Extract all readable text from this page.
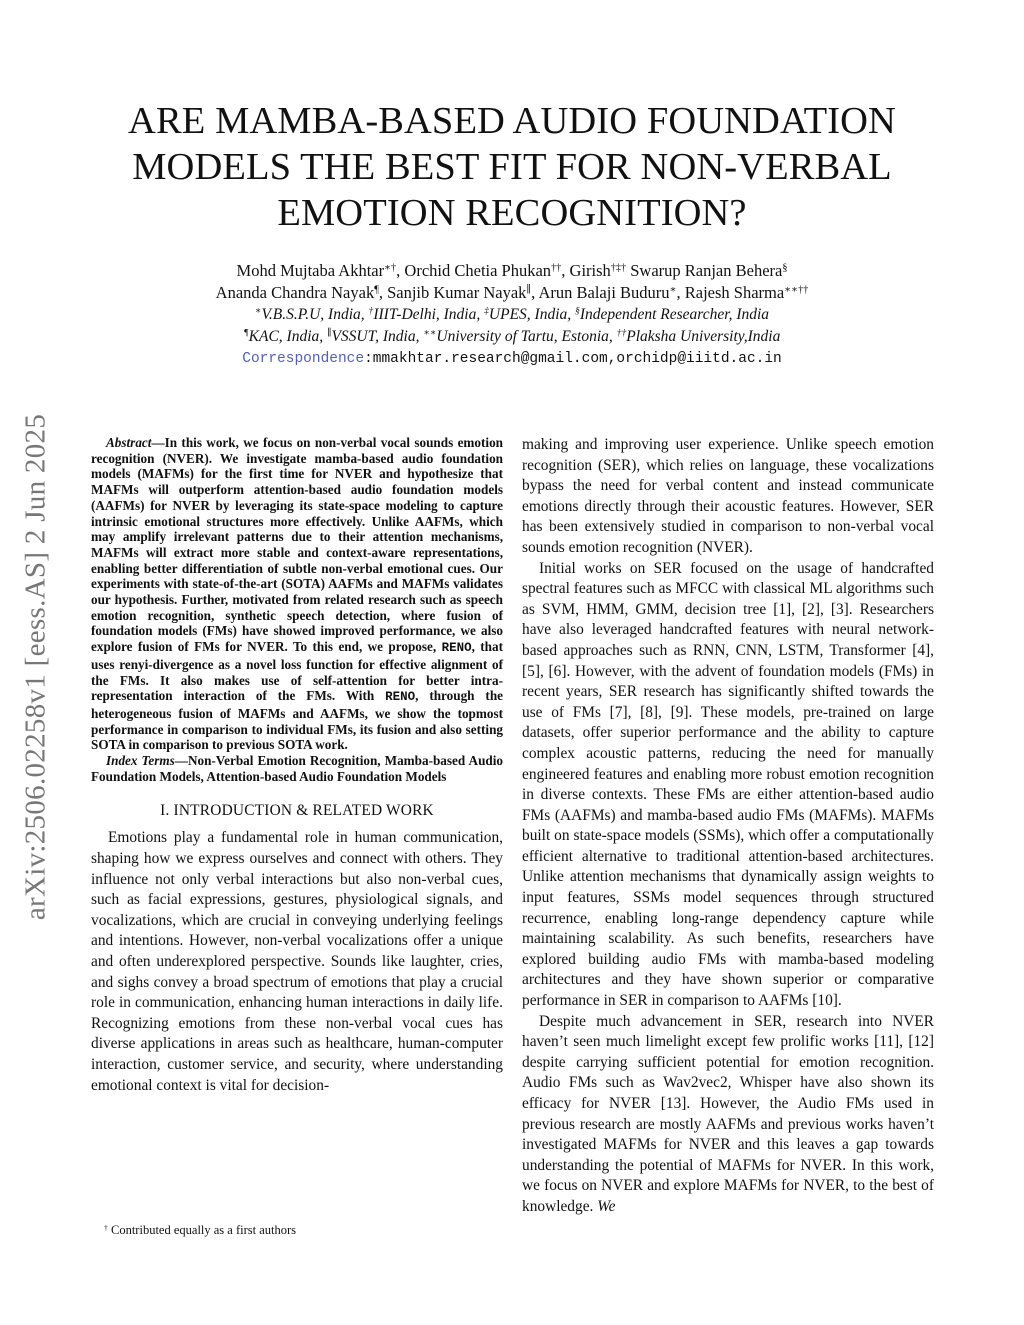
arXiv:2506.02258v1 [eess.AS] 2 Jun 2025
ARE MAMBA-BASED AUDIO FOUNDATION
MODELS THE BEST FIT FOR NON-VERBAL
EMOTION RECOGNITION?
Mohd Mujtaba Akhtar∗†, Orchid Chetia Phukan††, Girish†‡† Swarup Ranjan Behera§
Ananda Chandra Nayak¶, Sanjib Kumar Nayak∥, Arun Balaji Buduru∗, Rajesh Sharma∗∗††
∗V.B.S.P.U, India, †IIIT-Delhi, India, ‡UPES, India, §Independent Researcher, India
¶KAC, India, ∥VSSUT, India, ∗∗University of Tartu, Estonia, ††Plaksha University,India
Correspondence:mmakhtar.research@gmail.com,orchidp@iiitd.ac.in

Abstract—In this work, we focus on non-verbal vocal sounds emotion recognition (NVER). We investigate mamba-based audio foundation models (MAFMs) for the first time for NVER and hypothesize that MAFMs will outperform attention-based audio foundation models (AAFMs) for NVER by leveraging its state-space modeling to capture intrinsic emotional structures more effectively. Unlike AAFMs, which may amplify irrelevant patterns due to their attention mechanisms, MAFMs will extract more stable and context-aware representations, enabling better differentiation of subtle non-verbal emotional cues. Our experiments with state-of-the-art (SOTA) AAFMs and MAFMs validates our hypothesis. Further, motivated from related research such as speech emotion recognition, synthetic speech detection, where fusion of foundation models (FMs) have showed improved performance, we also explore fusion of FMs for NVER. To this end, we propose, RENO, that uses renyi-divergence as a novel loss function for effective alignment of the FMs. It also makes use of self-attention for better intra-representation interaction of the FMs. With RENO, through the heterogeneous fusion of MAFMs and AAFMs, we show the topmost performance in comparison to individual FMs, its fusion and also setting SOTA in comparison to previous SOTA work.

Index Terms—Non-Verbal Emotion Recognition, Mamba-based Audio Foundation Models, Attention-based Audio Foundation Models

I. INTRODUCTION & RELATED WORK

Emotions play a fundamental role in human communication, shaping how we express ourselves and connect with others. They influence not only verbal interactions but also non-verbal cues, such as facial expressions, gestures, physiological signals, and vocalizations, which are crucial in conveying underlying feelings and intentions. However, non-verbal vocalizations offer a unique and often underexplored perspective. Sounds like laughter, cries, and sighs convey a broad spectrum of emotions that play a crucial role in communication, enhancing human interactions in daily life. Recognizing emotions from these non-verbal vocal cues has diverse applications in areas such as healthcare, human-computer interaction, customer service, and security, where understanding emotional context is vital for decision-

making and improving user experience. Unlike speech emotion recognition (SER), which relies on language, these vocalizations bypass the need for verbal content and instead communicate emotions directly through their acoustic features. However, SER has been extensively studied in comparison to non-verbal vocal sounds emotion recognition (NVER).

Initial works on SER focused on the usage of handcrafted spectral features such as MFCC with classical ML algorithms such as SVM, HMM, GMM, decision tree [1], [2], [3]. Researchers have also leveraged handcrafted features with neural network-based approaches such as RNN, CNN, LSTM, Transformer [4], [5], [6]. However, with the advent of foundation models (FMs) in recent years, SER research has significantly shifted towards the use of FMs [7], [8], [9]. These models, pre-trained on large datasets, offer superior performance and the ability to capture complex acoustic patterns, reducing the need for manually engineered features and enabling more robust emotion recognition in diverse contexts. These FMs are either attention-based audio FMs (AAFMs) and mamba-based audio FMs (MAFMs). MAFMs built on state-space models (SSMs), which offer a computationally efficient alternative to traditional attention-based architectures. Unlike attention mechanisms that dynamically assign weights to input features, SSMs model sequences through structured recurrence, enabling long-range dependency capture while maintaining scalability. As such benefits, researchers have explored building audio FMs with mamba-based modeling architectures and they have shown superior or comparative performance in SER in comparison to AAFMs [10].

Despite much advancement in SER, research into NVER haven’t seen much limelight except few prolific works [11], [12] despite carrying sufficient potential for emotion recognition. Audio FMs such as Wav2vec2, Whisper have also shown its efficacy for NVER [13]. However, the Audio FMs used in previous research are mostly AAFMs and previous works haven’t investigated MAFMs for NVER and this leaves a gap towards understanding the potential of MAFMs for NVER. In this work, we focus on NVER and explore MAFMs for NVER, to the best of knowledge. We

† Contributed equally as a first authors
